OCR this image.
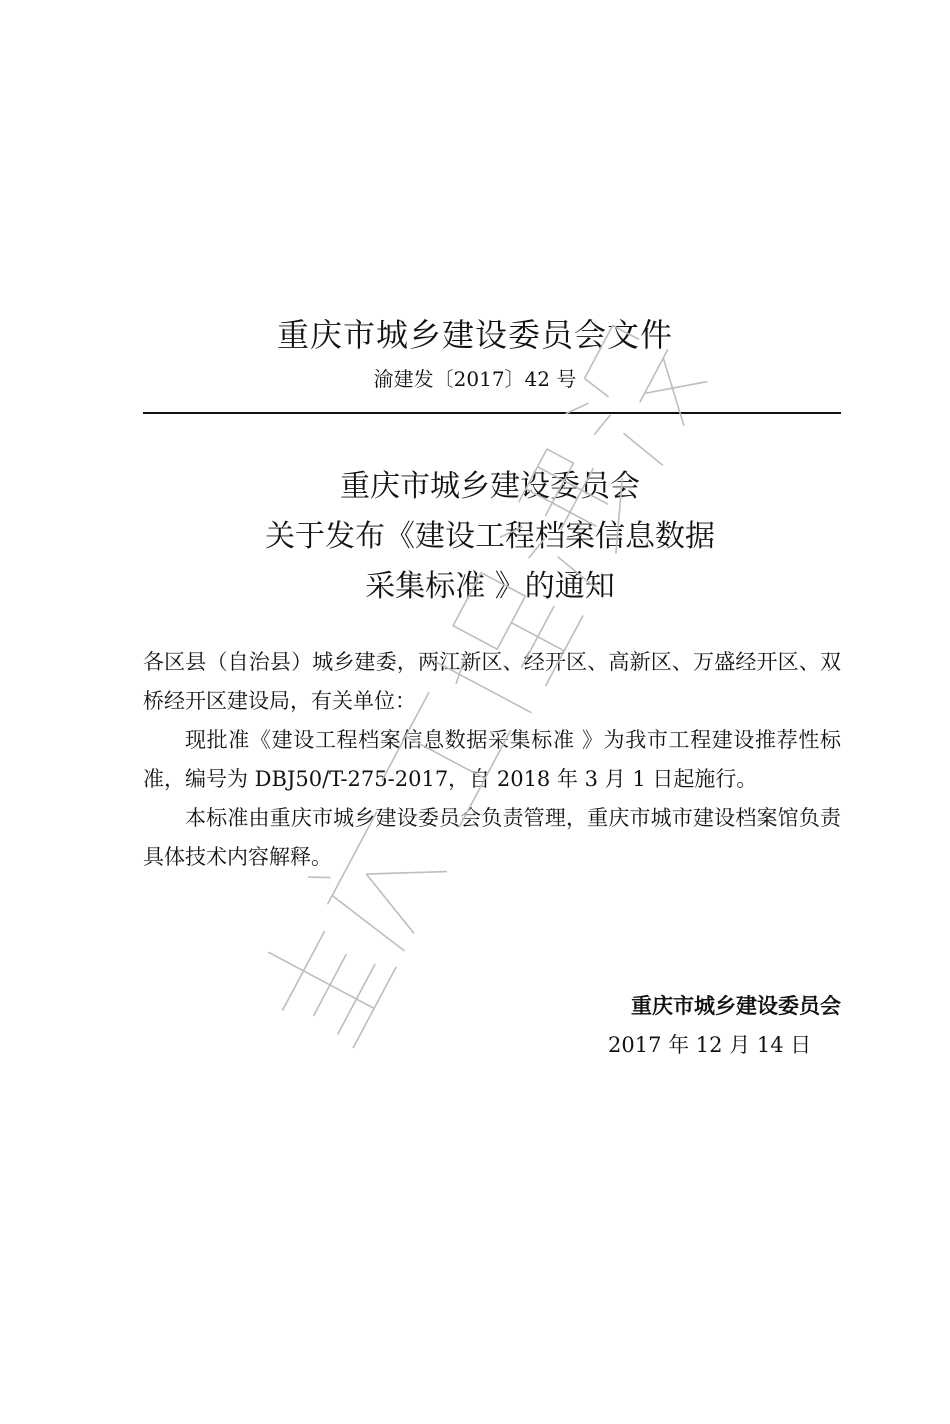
重庆市城乡建设委员会文件
渝建发〔2017〕42 号
重庆市城乡建设委员会
关于发布《建设工程档案信息数据
采集标准 》的通知

各区县（自治县）城乡建委，两江新区、经开区、高新区、万盛经开区、双桥经开区建设局，有关单位：

现批准《建设工程档案信息数据采集标准 》为我市工程建设推荐性标准，编号为 DBJ50/T-275-2017，自 2018 年 3 月 1 日起施行。

本标准由重庆市城乡建设委员会负责管理，重庆市城市建设档案馆负责具体技术内容解释。

重庆市城乡建设委员会
2017 年 12 月 14 日
